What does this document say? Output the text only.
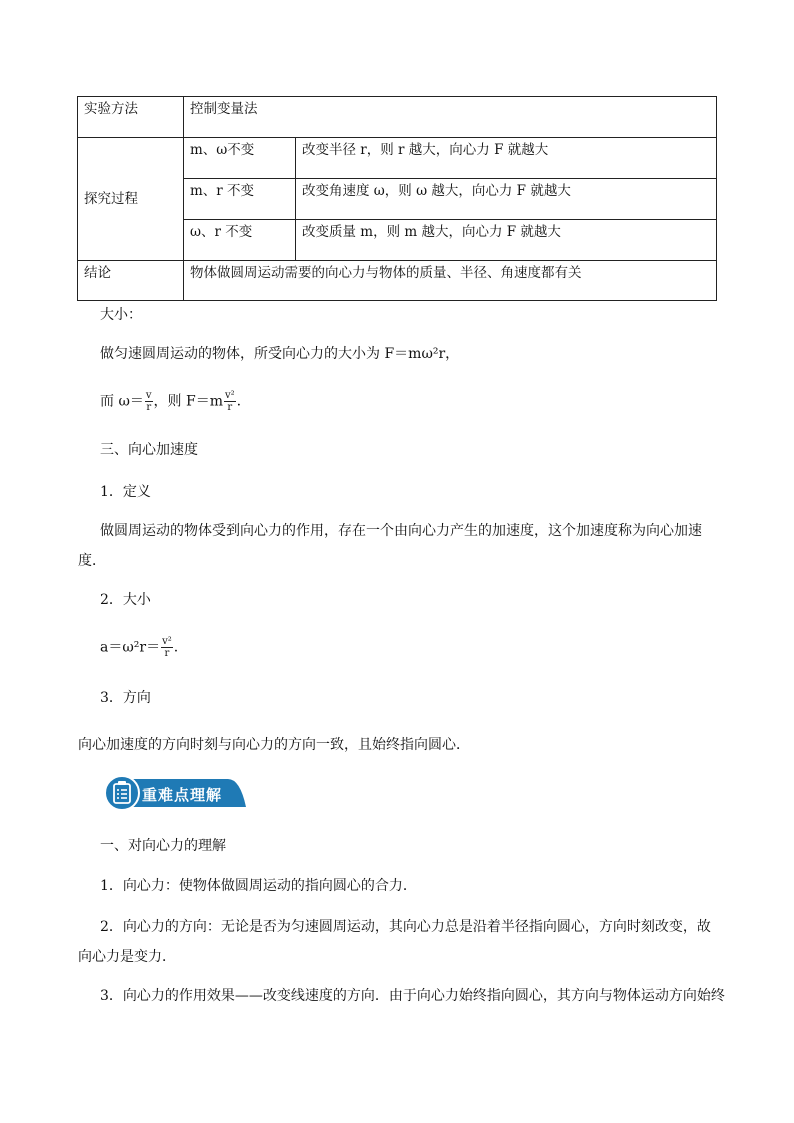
实验方法	控制变量法	
探究过程	m、ω不变	改变半径 r，则 r 越大，向心力 F 就越大
	m、r 不变	改变角速度 ω，则 ω 越大，向心力 F 就越大
	ω、r 不变	改变质量 m，则 m 越大，向心力 F 就越大
结论	物体做圆周运动需要的向心力与物体的质量、半径、角速度都有关	
大小：
做匀速圆周运动的物体，所受向心力的大小为 F＝mω²r，
而 $\omega= \frac{v}{r}$ ，则 $F=m \frac{\text{v²}}{r}$ .
三、向心加速度
1．定义
做圆周运动的物体受到向心力的作用，存在一个由向心力产生的加速度，这个加速度称为向心加速度．
2．大小
$a=\omega^2r= \frac{\text{v²}}{r}$ .
3．方向
向心加速度的方向时刻与向心力的方向一致，且始终指向圆心．
重难点理解
一、对向心力的理解
1．向心力：使物体做圆周运动的指向圆心的合力．
2．向心力的方向：无论是否为匀速圆周运动，其向心力总是沿着半径指向圆心，方向时刻改变，故向心力是变力．
3．向心力的作用效果——改变线速度的方向．由于向心力始终指向圆心，其方向与物体运动方向始终
